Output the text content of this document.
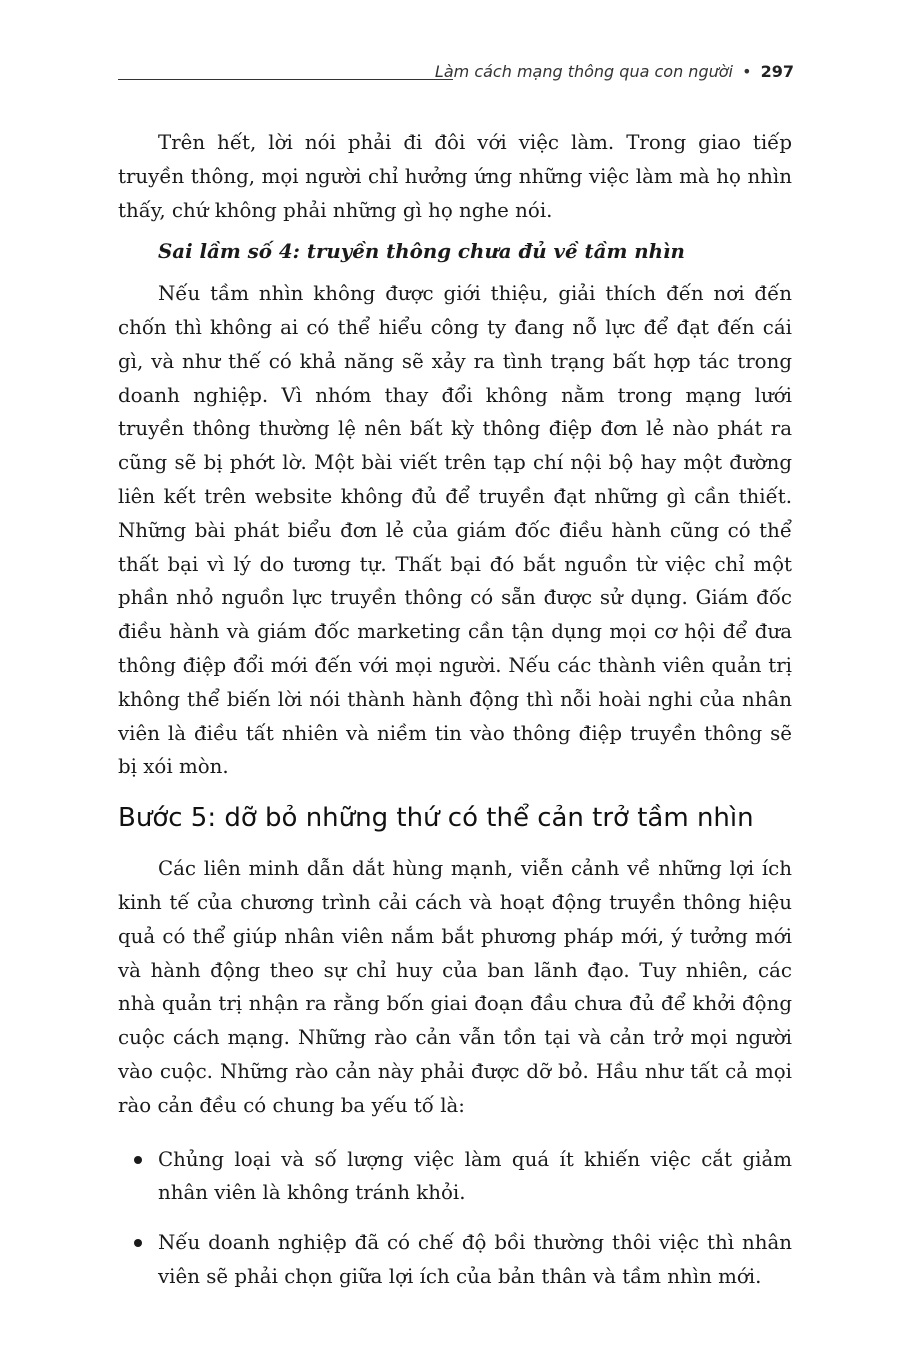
Làm cách mạng thông qua con người • 297

Trên hết, lời nói phải đi đôi với việc làm. Trong giao tiếp truyền thông, mọi người chỉ hưởng ứng những việc làm mà họ nhìn thấy, chứ không phải những gì họ nghe nói.

Sai lầm số 4: truyền thông chưa đủ về tầm nhìn

Nếu tầm nhìn không được giới thiệu, giải thích đến nơi đến chốn thì không ai có thể hiểu công ty đang nỗ lực để đạt đến cái gì, và như thế có khả năng sẽ xảy ra tình trạng bất hợp tác trong doanh nghiệp. Vì nhóm thay đổi không nằm trong mạng lưới truyền thông thường lệ nên bất kỳ thông điệp đơn lẻ nào phát ra cũng sẽ bị phớt lờ. Một bài viết trên tạp chí nội bộ hay một đường liên kết trên website không đủ để truyền đạt những gì cần thiết. Những bài phát biểu đơn lẻ của giám đốc điều hành cũng có thể thất bại vì lý do tương tự. Thất bại đó bắt nguồn từ việc chỉ một phần nhỏ nguồn lực truyền thông có sẵn được sử dụng. Giám đốc điều hành và giám đốc marketing cần tận dụng mọi cơ hội để đưa thông điệp đổi mới đến với mọi người. Nếu các thành viên quản trị không thể biến lời nói thành hành động thì nỗi hoài nghi của nhân viên là điều tất nhiên và niềm tin vào thông điệp truyền thông sẽ bị xói mòn.

Bước 5: dỡ bỏ những thứ có thể cản trở tầm nhìn

Các liên minh dẫn dắt hùng mạnh, viễn cảnh về những lợi ích kinh tế của chương trình cải cách và hoạt động truyền thông hiệu quả có thể giúp nhân viên nắm bắt phương pháp mới, ý tưởng mới và hành động theo sự chỉ huy của ban lãnh đạo. Tuy nhiên, các nhà quản trị nhận ra rằng bốn giai đoạn đầu chưa đủ để khởi động cuộc cách mạng. Những rào cản vẫn tồn tại và cản trở mọi người vào cuộc. Những rào cản này phải được dỡ bỏ. Hầu như tất cả mọi rào cản đều có chung ba yếu tố là:

Chủng loại và số lượng việc làm quá ít khiến việc cắt giảm nhân viên là không tránh khỏi.
Nếu doanh nghiệp đã có chế độ bồi thường thôi việc thì nhân viên sẽ phải chọn giữa lợi ích của bản thân và tầm nhìn mới.
